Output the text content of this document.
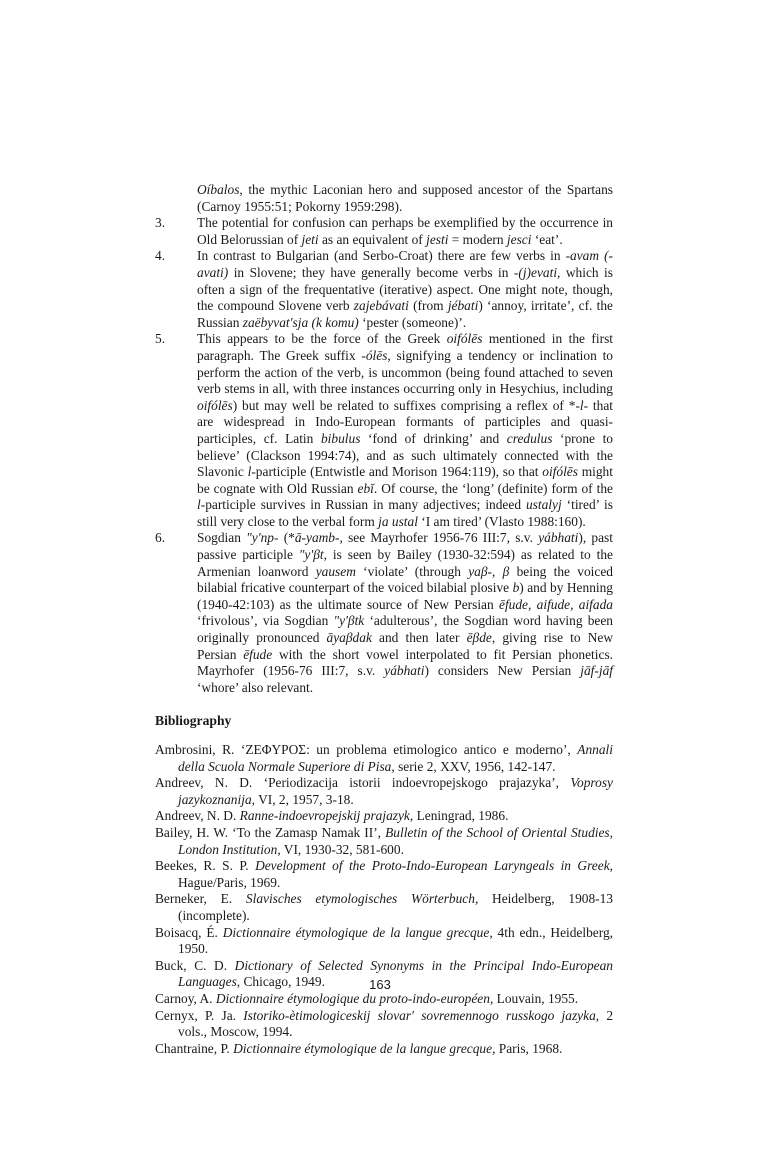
Oíbalos, the mythic Laconian hero and supposed ancestor of the Spartans (Carnoy 1955:51; Pokorny 1959:298).
3. The potential for confusion can perhaps be exemplified by the occurrence in Old Belorussian of jeti as an equivalent of jesti = modern jesci ‘eat’.
4. In contrast to Bulgarian (and Serbo-Croat) there are few verbs in -avam (-avati) in Slovene; they have generally become verbs in -(j)evati, which is often a sign of the frequentative (iterative) aspect. One might note, though, the compound Slovene verb zajebávati (from jébati) ‘annoy, irritate’, cf. the Russian zaëbyvat′sja (k komu) ‘pester (someone)’.
5. This appears to be the force of the Greek oifólēs mentioned in the first paragraph. The Greek suffix -ólēs, signifying a tendency or inclination to perform the action of the verb, is uncommon (being found attached to seven verb stems in all, with three instances occurring only in Hesychius, including oifólēs) but may well be related to suffixes comprising a reflex of *-l- that are widespread in Indo-European formants of participles and quasi-participles, cf. Latin bibulus ‘fond of drinking’ and credulus ‘prone to believe’ (Clackson 1994:74), and as such ultimately connected with the Slavonic l-participle (Entwistle and Morison 1964:119), so that oifólēs might be cognate with Old Russian ebĭ. Of course, the ‘long’ (definite) form of the l-participle survives in Russian in many adjectives; indeed ustalyj ‘tired’ is still very close to the verbal form ja ustal ‘I am tired’ (Vlasto 1988:160).
6. Sogdian "y'np- (*ā-yamb-, see Mayrhofer 1956-76 III:7, s.v. yábhati), past passive participle "y'βt, is seen by Bailey (1930-32:594) as related to the Armenian loanword yausem ‘violate’ (through yaβ-, β being the voiced bilabial fricative counterpart of the voiced bilabial plosive b) and by Henning (1940-42:103) as the ultimate source of New Persian ēfude, aifude, aifada ‘frivolous’, via Sogdian "y'βtk ‘adulterous’, the Sogdian word having been originally pronounced āyaβdak and then later ēβde, giving rise to New Persian ēfude with the short vowel interpolated to fit Persian phonetics. Mayrhofer (1956-76 III:7, s.v. yábhati) considers New Persian jāf-jāf ‘whore’ also relevant.
Bibliography

Ambrosini, R. ‘ZEΦYPOΣ: un problema etimologico antico e moderno’, Annali della Scuola Normale Superiore di Pisa, serie 2, XXV, 1956, 142-147.

Andreev, N. D. ‘Periodizacija istorii indoevropejskogo prajazyka’, Voprosy jazykoznanija, VI, 2, 1957, 3-18.

Andreev, N. D. Ranne-indoevropejskij prajazyk, Leningrad, 1986.

Bailey, H. W. ‘To the Zamasp Namak II’, Bulletin of the School of Oriental Studies, London Institution, VI, 1930-32, 581-600.

Beekes, R. S. P. Development of the Proto-Indo-European Laryngeals in Greek, Hague/Paris, 1969.

Berneker, E. Slavisches etymologisches Wörterbuch, Heidelberg, 1908-13 (incomplete).

Boisacq, É. Dictionnaire étymologique de la langue grecque, 4th edn., Heidelberg, 1950.

Buck, C. D. Dictionary of Selected Synonyms in the Principal Indo-European Languages, Chicago, 1949.

Carnoy, A. Dictionnaire étymologique du proto-indo-européen, Louvain, 1955.

Cernyx, P. Ja. Istoriko-ètimologiceskij slovar′ sovremennogo russkogo jazyka, 2 vols., Moscow, 1994.

Chantraine, P. Dictionnaire étymologique de la langue grecque, Paris, 1968.

163
